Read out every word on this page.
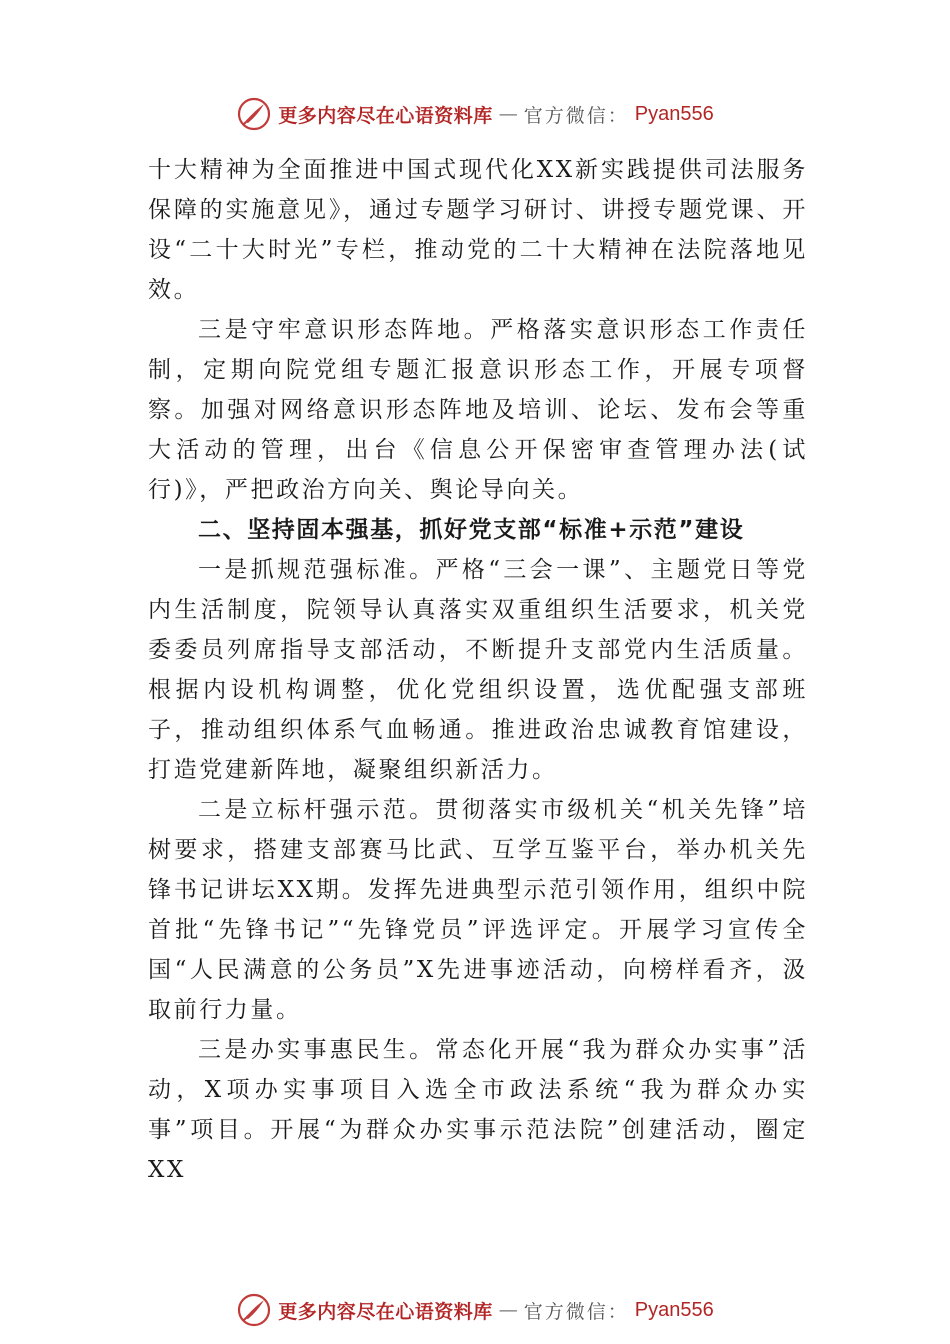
更多内容尽在心语资料库 — 官方微信： Pyan556

十大精神为全面推进中国式现代化XX新实践提供司法服务保障的实施意见》，通过专题学习研讨、讲授专题党课、开设“二十大时光”专栏，推动党的二十大精神在法院落地见效。

三是守牢意识形态阵地。严格落实意识形态工作责任制，定期向院党组专题汇报意识形态工作，开展专项督察。加强对网络意识形态阵地及培训、论坛、发布会等重大活动的管理，出台《信息公开保密审查管理办法(试行)》，严把政治方向关、舆论导向关。

二、坚持固本强基，抓好党支部“标准+示范”建设

一是抓规范强标准。严格“三会一课”、主题党日等党内生活制度，院领导认真落实双重组织生活要求，机关党委委员列席指导支部活动，不断提升支部党内生活质量。根据内设机构调整，优化党组织设置，选优配强支部班子，推动组织体系气血畅通。推进政治忠诚教育馆建设，打造党建新阵地，凝聚组织新活力。

二是立标杆强示范。贯彻落实市级机关“机关先锋”培树要求，搭建支部赛马比武、互学互鉴平台，举办机关先锋书记讲坛XX期。发挥先进典型示范引领作用，组织中院首批“先锋书记”“先锋党员”评选评定。开展学习宣传全国“人民满意的公务员”X先进事迹活动，向榜样看齐，汲取前行力量。

三是办实事惠民生。常态化开展“我为群众办实事”活动，X项办实事项目入选全市政法系统“我为群众办实事”项目。开展“为群众办实事示范法院”创建活动，圈定XX

更多内容尽在心语资料库 — 官方微信： Pyan556
